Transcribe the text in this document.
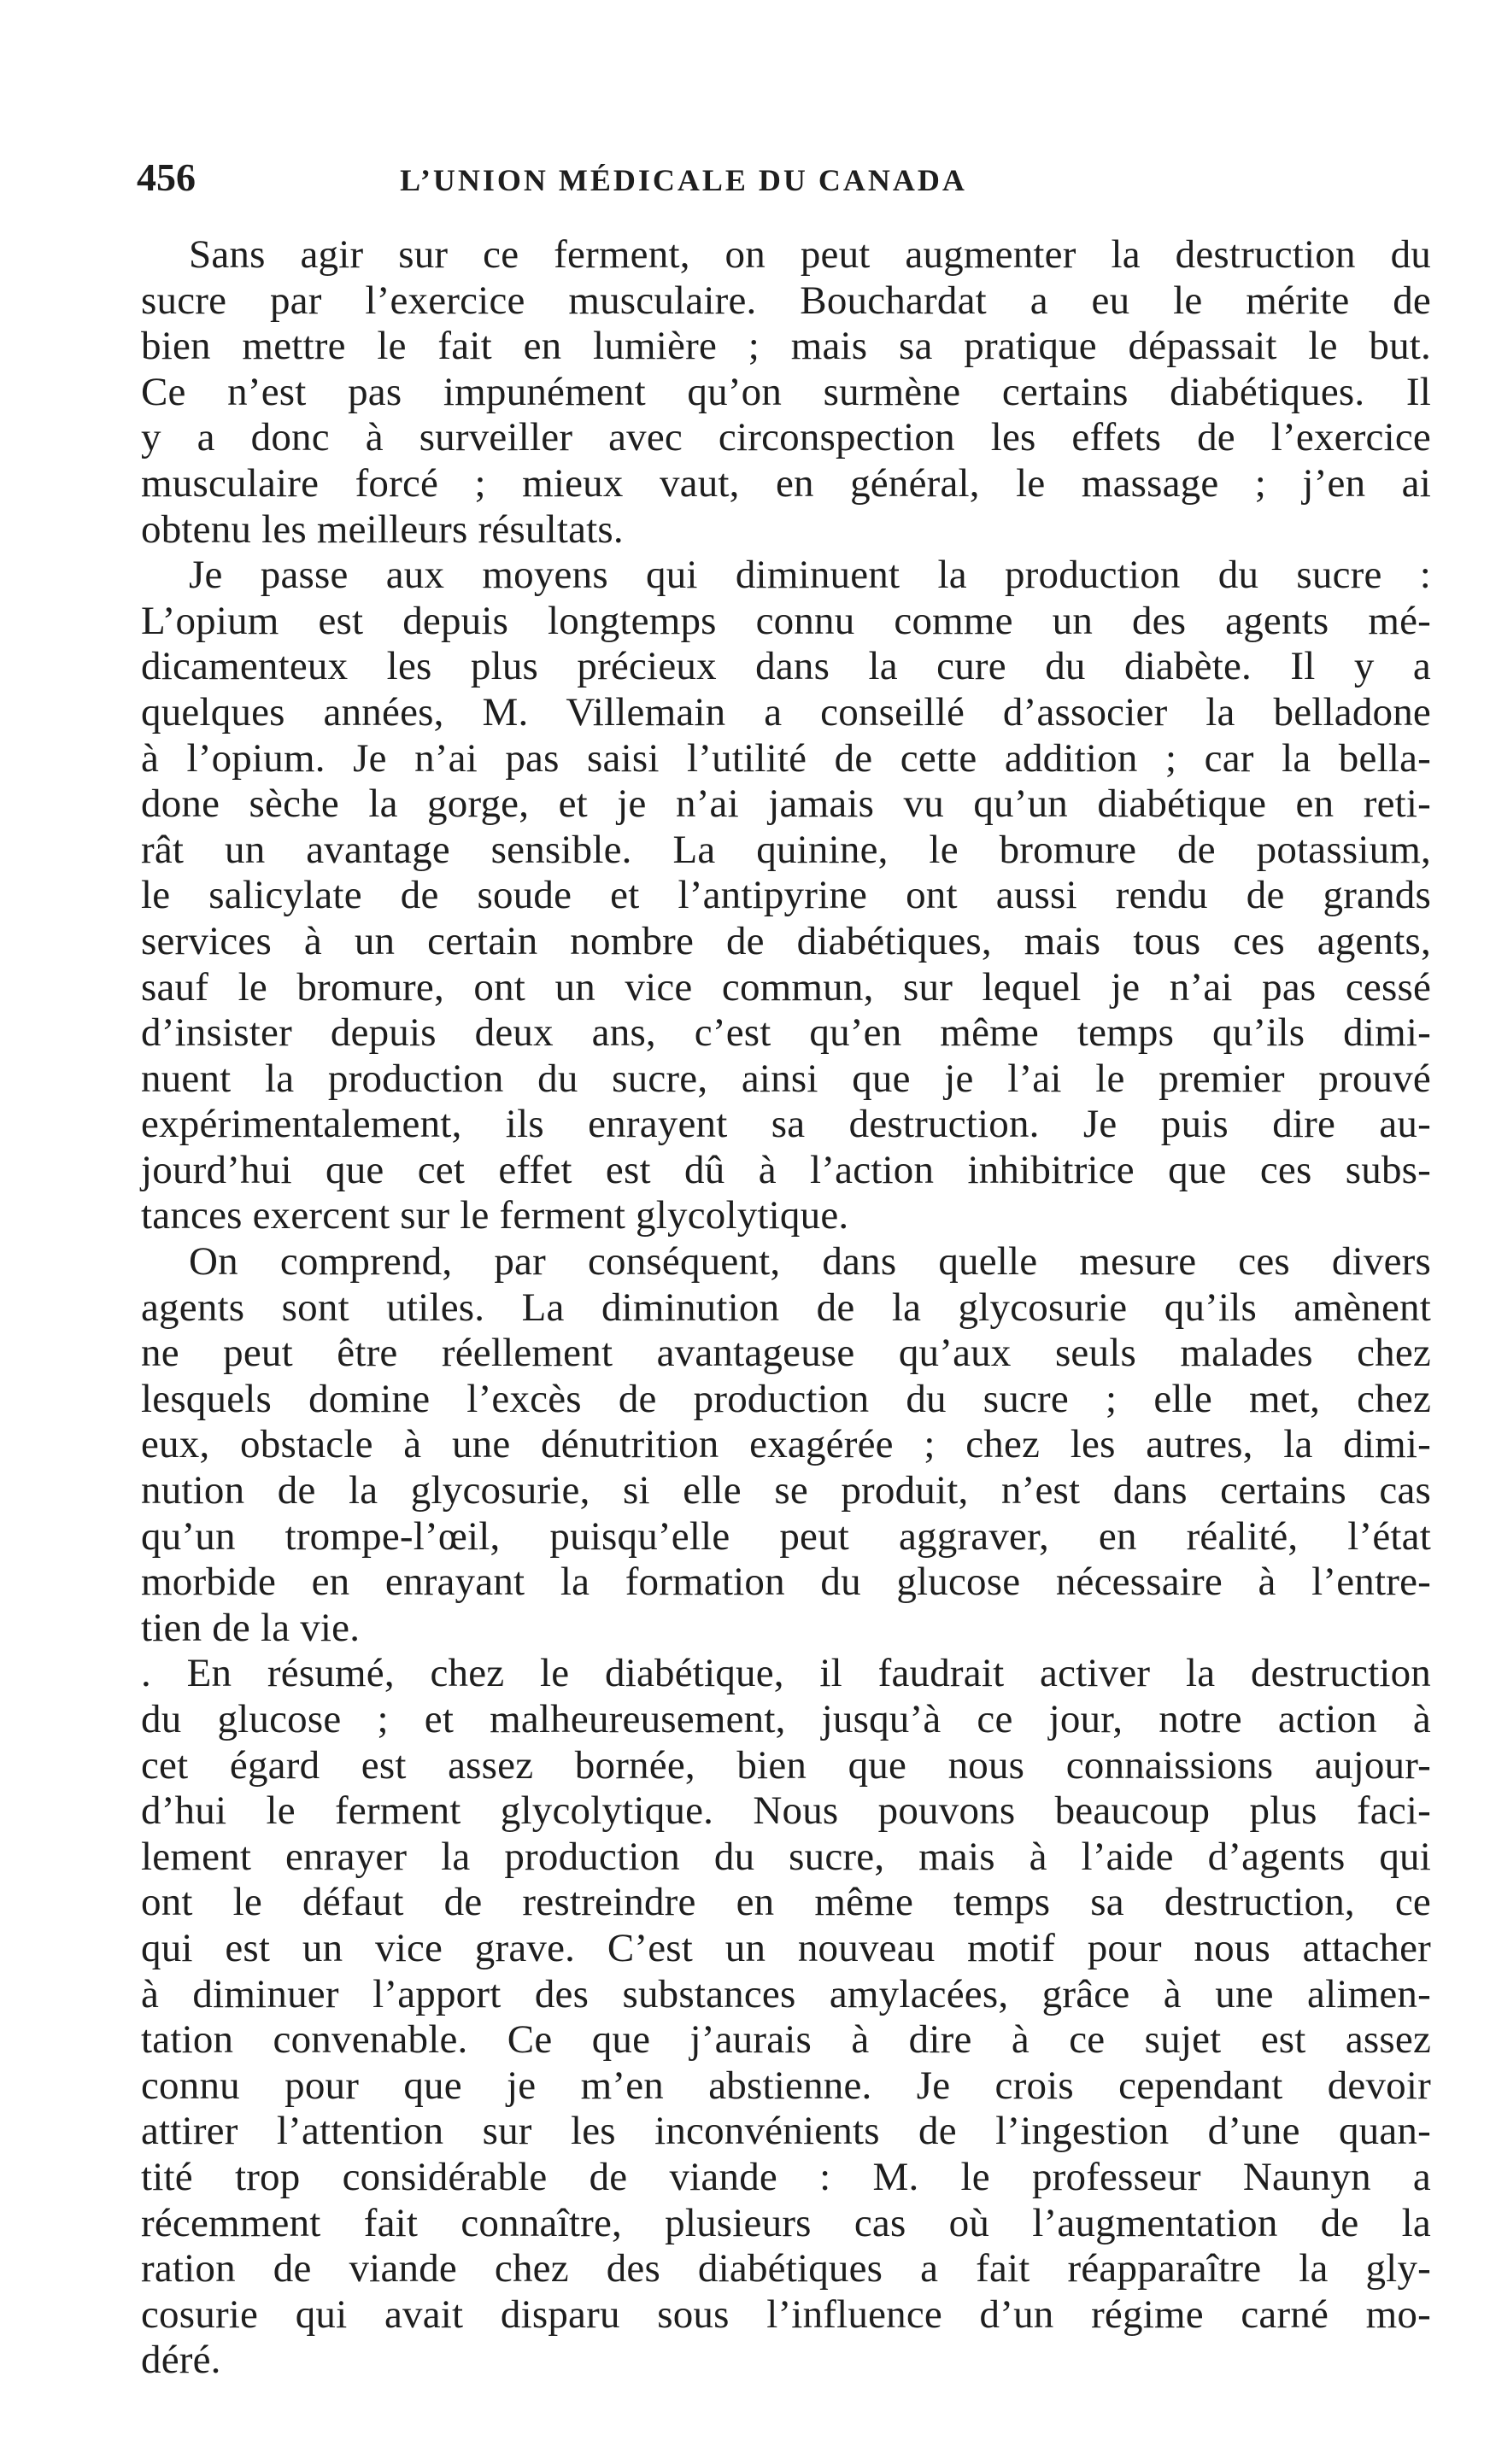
456	L’UNION MÉDICALE DU CANADA
Sans agir sur ce ferment, on peut augmenter la destruction du
sucre par l’exercice musculaire. Bouchardat a eu le mérite de
bien mettre le fait en lumière ; mais sa pratique dépassait le but.
Ce n’est pas impunément qu’on surmène certains diabétiques. Il
y a donc à surveiller avec circonspection les effets de l’exercice
musculaire forcé ; mieux vaut, en général, le massage ; j’en ai
obtenu les meilleurs résultats.
Je passe aux moyens qui diminuent la production du sucre :
L’opium est depuis longtemps connu comme un des agents mé-
dicamenteux les plus précieux dans la cure du diabète. Il y a
quelques années, M. Villemain a conseillé d’associer la belladone
à l’opium. Je n’ai pas saisi l’utilité de cette addition ; car la bella-
done sèche la gorge, et je n’ai jamais vu qu’un diabétique en reti-
rât un avantage sensible. La quinine, le bromure de potassium,
le salicylate de soude et l’antipyrine ont aussi rendu de grands
services à un certain nombre de diabétiques, mais tous ces agents,
sauf le bromure, ont un vice commun, sur lequel je n’ai pas cessé
d’insister depuis deux ans, c’est qu’en même temps qu’ils dimi-
nuent la production du sucre, ainsi que je l’ai le premier prouvé
expérimentalement, ils enrayent sa destruction. Je puis dire au-
jourd’hui que cet effet est dû à l’action inhibitrice que ces subs-
tances exercent sur le ferment glycolytique.
On comprend, par conséquent, dans quelle mesure ces divers
agents sont utiles. La diminution de la glycosurie qu’ils amènent
ne peut être réellement avantageuse qu’aux seuls malades chez
lesquels domine l’excès de production du sucre ; elle met, chez
eux, obstacle à une dénutrition exagérée ; chez les autres, la dimi-
nution de la glycosurie, si elle se produit, n’est dans certains cas
qu’un trompe-l’œil, puisqu’elle peut aggraver, en réalité, l’état
morbide en enrayant la formation du glucose nécessaire à l’entre-
tien de la vie.
. En résumé, chez le diabétique, il faudrait activer la destruction
du glucose ; et malheureusement, jusqu’à ce jour, notre action à
cet égard est assez bornée, bien que nous connaissions aujour-
d’hui le ferment glycolytique. Nous pouvons beaucoup plus faci-
lement enrayer la production du sucre, mais à l’aide d’agents qui
ont le défaut de restreindre en même temps sa destruction, ce
qui est un vice grave. C’est un nouveau motif pour nous attacher
à diminuer l’apport des substances amylacées, grâce à une alimen-
tation convenable. Ce que j’aurais à dire à ce sujet est assez
connu pour que je m’en abstienne. Je crois cependant devoir
attirer l’attention sur les inconvénients de l’ingestion d’une quan-
tité trop considérable de viande : M. le professeur Naunyn a
récemment fait connaître, plusieurs cas où l’augmentation de la
ration de viande chez des diabétiques a fait réapparaître la gly-
cosurie qui avait disparu sous l’influence d’un régime carné mo-
déré.
